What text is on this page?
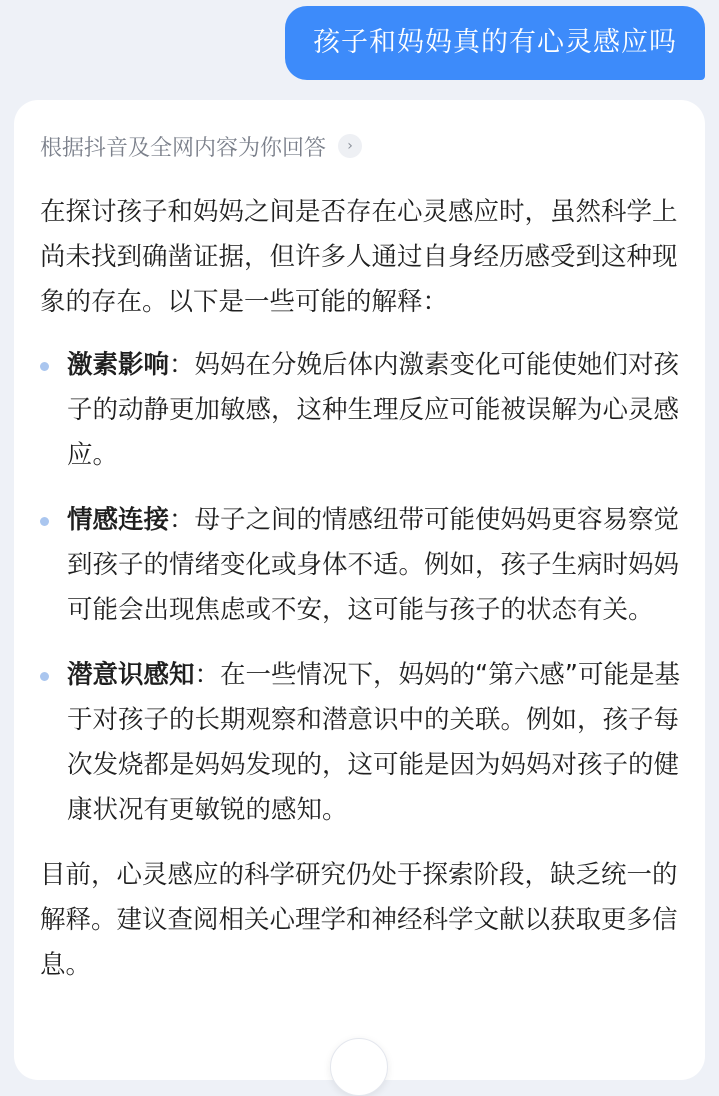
孩子和妈妈真的有心灵感应吗
根据抖音及全网内容为你回答	›

在探讨孩子和妈妈之间是否存在心灵感应时，虽然科学上尚未找到确凿证据，但许多人通过自身经历感受到这种现象的存在。以下是一些可能的解释：

激素影响：妈妈在分娩后体内激素变化可能使她们对孩子的动静更加敏感，这种生理反应可能被误解为心灵感应。
情感连接：母子之间的情感纽带可能使妈妈更容易察觉到孩子的情绪变化或身体不适。例如，孩子生病时妈妈可能会出现焦虑或不安，这可能与孩子的状态有关。
潜意识感知：在一些情况下，妈妈的“第六感”可能是基于对孩子的长期观察和潜意识中的关联。例如，孩子每次发烧都是妈妈发现的，这可能是因为妈妈对孩子的健康状况有更敏锐的感知。

目前，心灵感应的科学研究仍处于探索阶段，缺乏统一的解释。建议查阅相关心理学和神经科学文献以获取更多信息。
